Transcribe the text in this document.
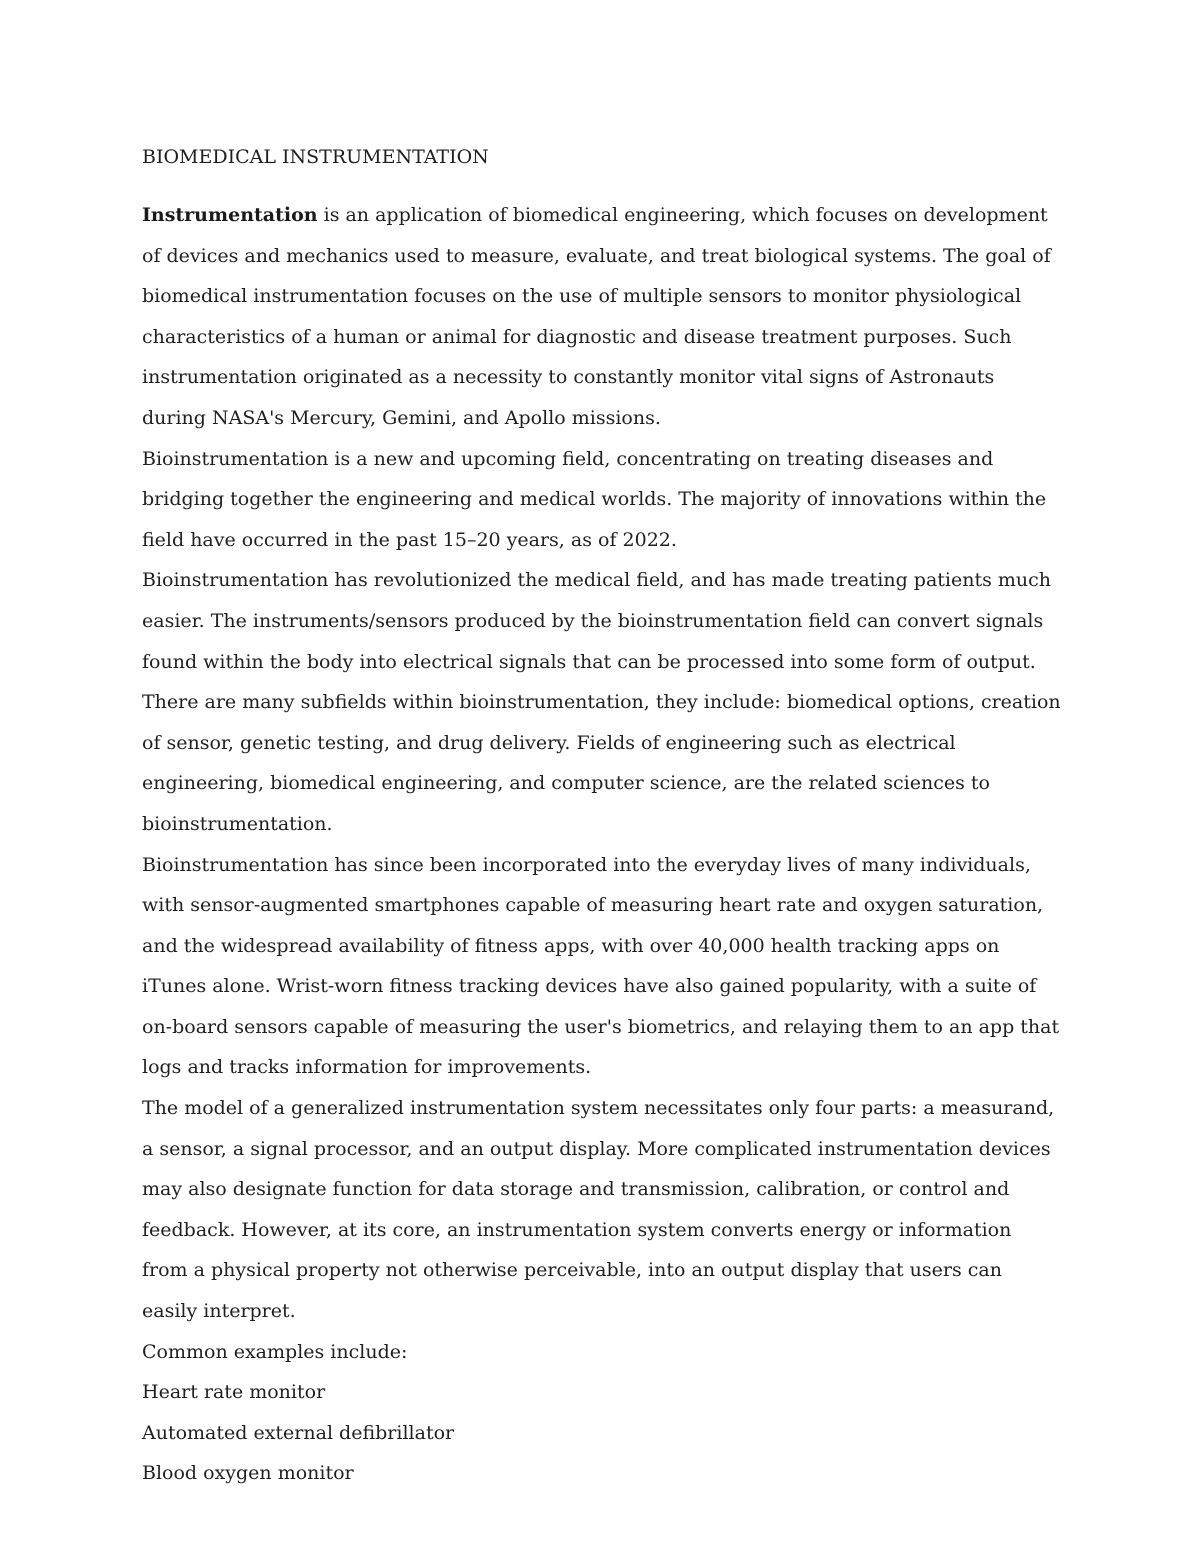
BIOMEDICAL INSTRUMENTATION

Instrumentation is an application of biomedical engineering, which focuses on development of devices and mechanics used to measure, evaluate, and treat biological systems. The goal of biomedical instrumentation focuses on the use of multiple sensors to monitor physiological characteristics of a human or animal for diagnostic and disease treatment purposes. Such instrumentation originated as a necessity to constantly monitor vital signs of Astronauts during NASA's Mercury, Gemini, and Apollo missions.

Bioinstrumentation is a new and upcoming field, concentrating on treating diseases and bridging together the engineering and medical worlds. The majority of innovations within the field have occurred in the past 15–20 years, as of 2022.

Bioinstrumentation has revolutionized the medical field, and has made treating patients much easier. The instruments/sensors produced by the bioinstrumentation field can convert signals found within the body into electrical signals that can be processed into some form of output. There are many subfields within bioinstrumentation, they include: biomedical options, creation of sensor, genetic testing, and drug delivery. Fields of engineering such as electrical engineering, biomedical engineering, and computer science, are the related sciences to bioinstrumentation.

Bioinstrumentation has since been incorporated into the everyday lives of many individuals, with sensor-augmented smartphones capable of measuring heart rate and oxygen saturation, and the widespread availability of fitness apps, with over 40,000 health tracking apps on iTunes alone. Wrist-worn fitness tracking devices have also gained popularity, with a suite of on-board sensors capable of measuring the user's biometrics, and relaying them to an app that logs and tracks information for improvements.

The model of a generalized instrumentation system necessitates only four parts: a measurand, a sensor, a signal processor, and an output display. More complicated instrumentation devices may also designate function for data storage and transmission, calibration, or control and feedback. However, at its core, an instrumentation system converts energy or information from a physical property not otherwise perceivable, into an output display that users can easily interpret.

Common examples include:

Heart rate monitor

Automated external defibrillator

Blood oxygen monitor
